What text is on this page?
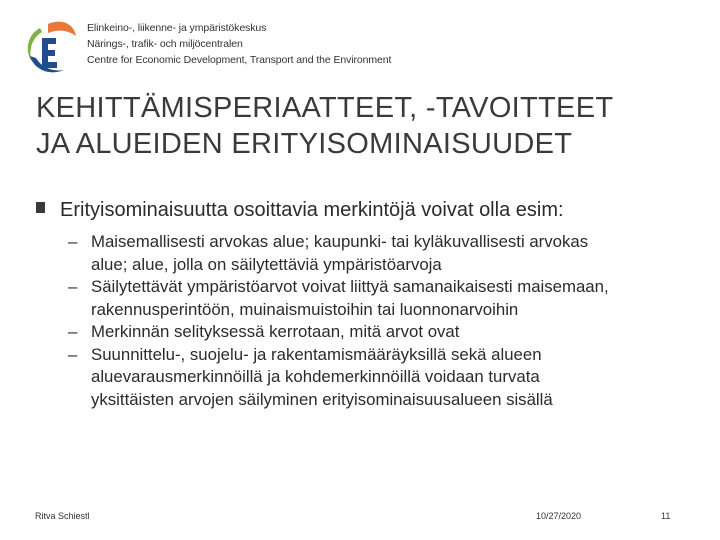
Elinkeino-, liikenne- ja ympäristökeskus
Närings-, trafik- och miljöcentralen
Centre for Economic Development, Transport and the Environment
KEHITTÄMISPERIAATTEET, -TAVOITTEET
JA ALUEIDEN ERITYISOMINAISUUDET
Erityisominaisuutta osoittavia merkintöjä voivat olla esim:
– Maisemallisesti arvokas alue; kaupunki- tai kyläkuvallisesti arvokas
alue; alue, jolla on säilytettäviä ympäristöarvoja
– Säilytettävät ympäristöarvot voivat liittyä samanaikaisesti maisemaan,
rakennusperintöön, muinaismuistoihin tai luonnonarvoihin
– Merkinnän selityksessä kerrotaan, mitä arvot ovat
– Suunnittelu-, suojelu- ja rakentamismääräyksillä sekä alueen
aluevarausmerkinnöillä ja kohdemerkinnöillä voidaan turvata
yksittäisten arvojen säilyminen erityisominaisuusalueen sisällä
Ritva Schiestl	10/27/2020	11
